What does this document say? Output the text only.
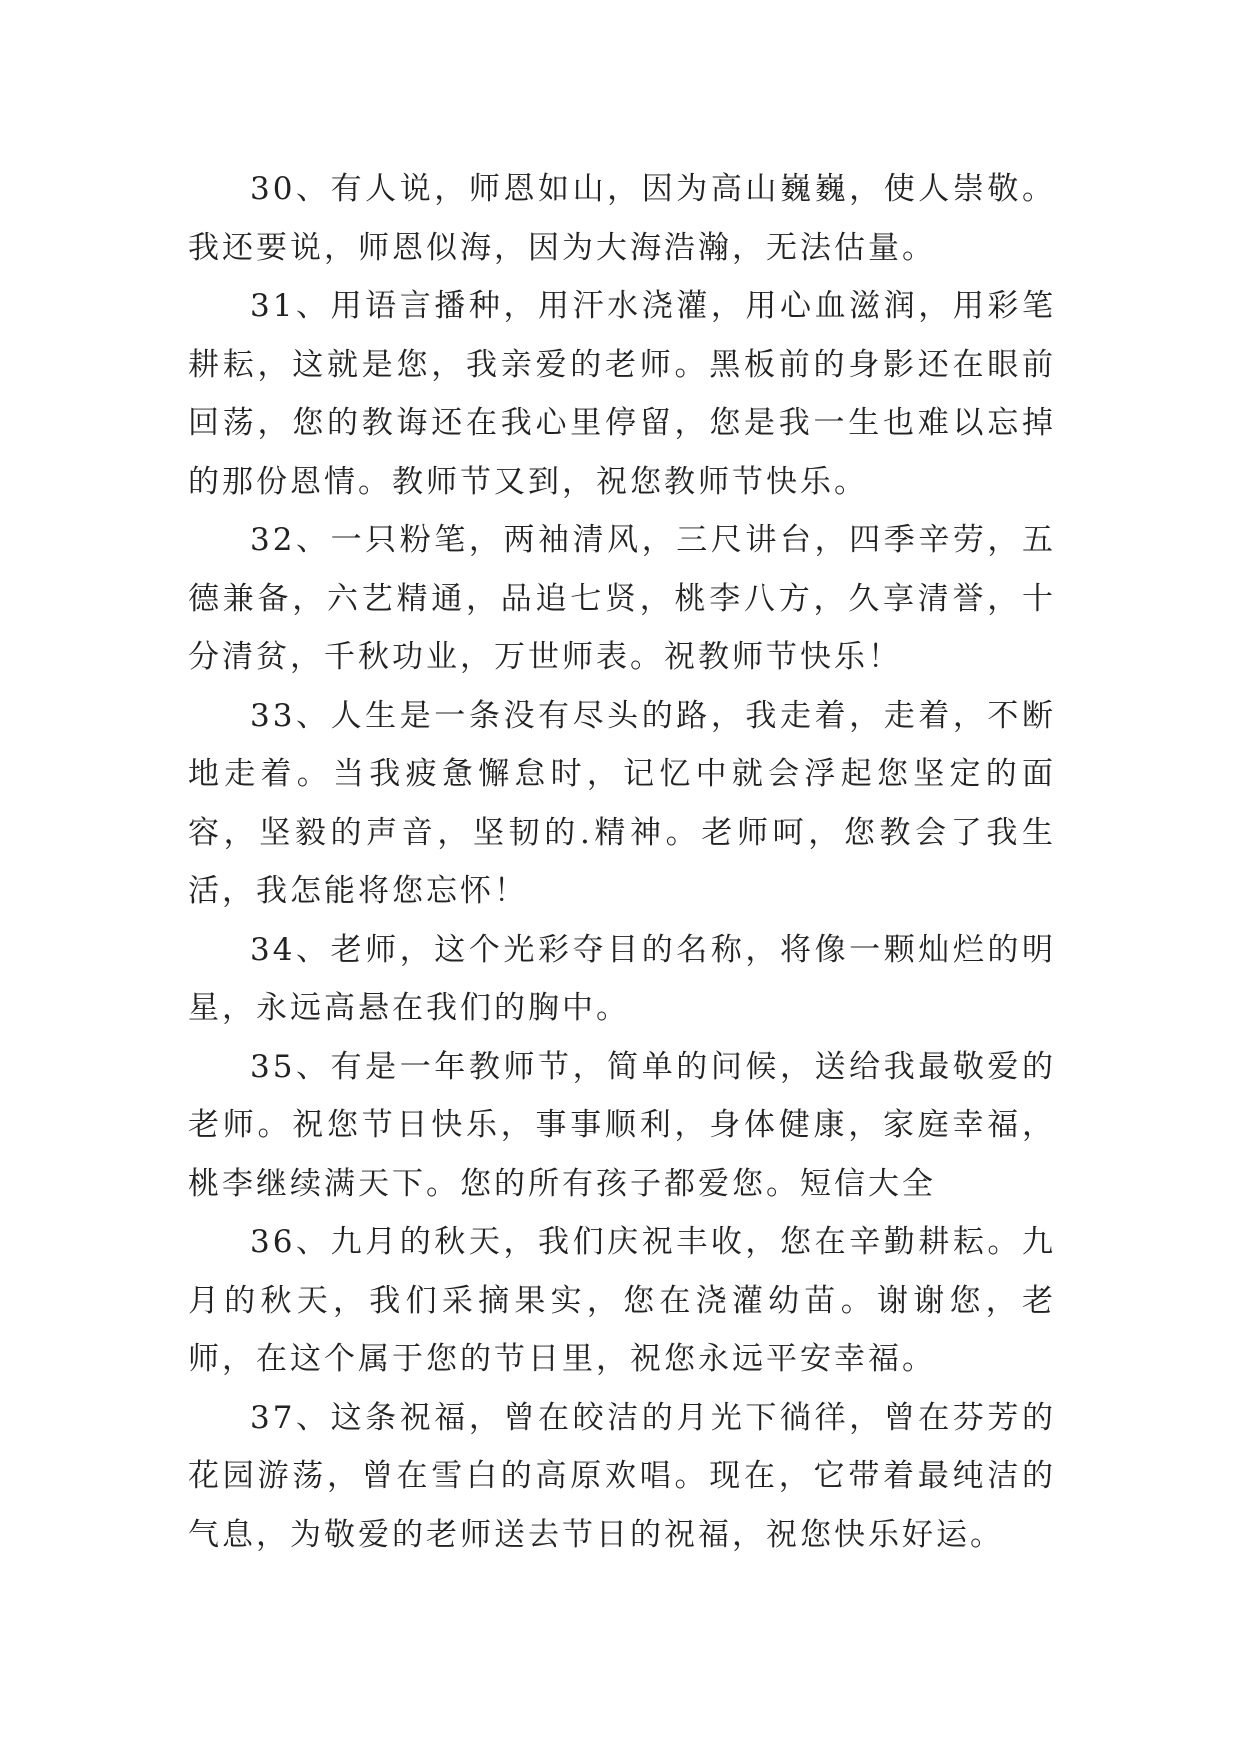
30、有人说，师恩如山，因为高山巍巍，使人崇敬。我还要说，师恩似海，因为大海浩瀚，无法估量。

31、用语言播种，用汗水浇灌，用心血滋润，用彩笔耕耘，这就是您，我亲爱的老师。黑板前的身影还在眼前回荡，您的教诲还在我心里停留，您是我一生也难以忘掉的那份恩情。教师节又到，祝您教师节快乐。

32、一只粉笔，两袖清风，三尺讲台，四季辛劳，五德兼备，六艺精通，品追七贤，桃李八方，久享清誉，十分清贫，千秋功业，万世师表。祝教师节快乐！

33、人生是一条没有尽头的路，我走着，走着，不断地走着。当我疲惫懈怠时，记忆中就会浮起您坚定的面容，坚毅的声音，坚韧的.精神。老师呵，您教会了我生活，我怎能将您忘怀！

34、老师，这个光彩夺目的名称，将像一颗灿烂的明星，永远高悬在我们的胸中。

35、有是一年教师节，简单的问候，送给我最敬爱的老师。祝您节日快乐，事事顺利，身体健康，家庭幸福，桃李继续满天下。您的所有孩子都爱您。短信大全

36、九月的秋天，我们庆祝丰收，您在辛勤耕耘。九月的秋天，我们采摘果实，您在浇灌幼苗。谢谢您，老师，在这个属于您的节日里，祝您永远平安幸福。

37、这条祝福，曾在皎洁的月光下徜徉，曾在芬芳的花园游荡，曾在雪白的高原欢唱。现在，它带着最纯洁的气息，为敬爱的老师送去节日的祝福，祝您快乐好运。
